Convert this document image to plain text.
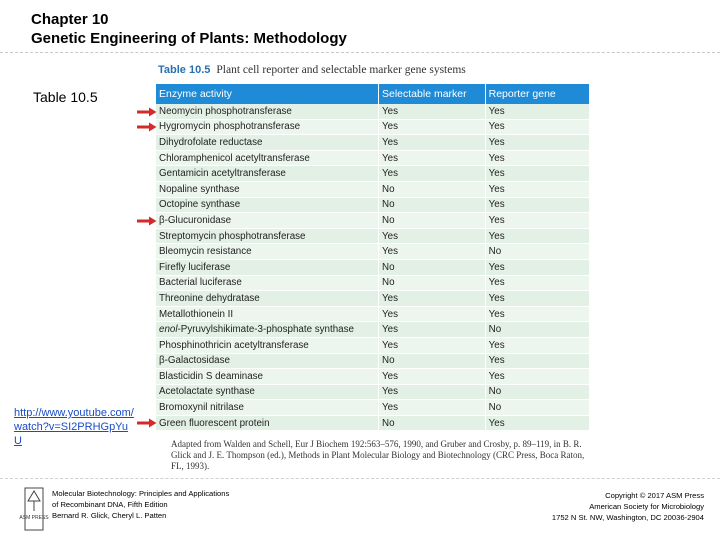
Chapter 10
Genetic Engineering of Plants: Methodology
Table 10.5
Table 10.5 Plant cell reporter and selectable marker gene systems
Enzyme activity	Selectable marker	Reporter gene
Neomycin phosphotransferase	Yes	Yes
Hygromycin phosphotransferase	Yes	Yes
Dihydrofolate reductase	Yes	Yes
Chloramphenicol acetyltransferase	Yes	Yes
Gentamicin acetyltransferase	Yes	Yes
Nopaline synthase	No	Yes
Octopine synthase	No	Yes
β-Glucuronidase	No	Yes
Streptomycin phosphotransferase	Yes	Yes
Bleomycin resistance	Yes	No
Firefly luciferase	No	Yes
Bacterial luciferase	No	Yes
Threonine dehydratase	Yes	Yes
Metallothionein II	Yes	Yes
enol-Pyruvylshikimate-3-phosphate synthase	Yes	No
Phosphinothricin acetyltransferase	Yes	Yes
β-Galactosidase	No	Yes
Blasticidin S deaminase	Yes	Yes
Acetolactate synthase	Yes	No
Bromoxynil nitrilase	Yes	No
Green fluorescent protein	No	Yes
Adapted from Walden and Schell, Eur J Biochem 192:563–576, 1990, and Gruber and Crosby, p. 89–119, in B. R. Glick and J. E. Thompson (ed.), Methods in Plant Molecular Biology and Biotechnology (CRC Press, Boca Raton, FL, 1993).
http://www.youtube.com/watch?v=SI2PRHGpYuU
ASM PRESS
Molecular Biotechnology: Principles and Applications
of Recombinant DNA, Fifth Edition
Bernard R. Glick, Cheryl L. Patten
Copyright © 2017 ASM Press
American Society for Microbiology
1752 N St. NW, Washington, DC 20036-2904
